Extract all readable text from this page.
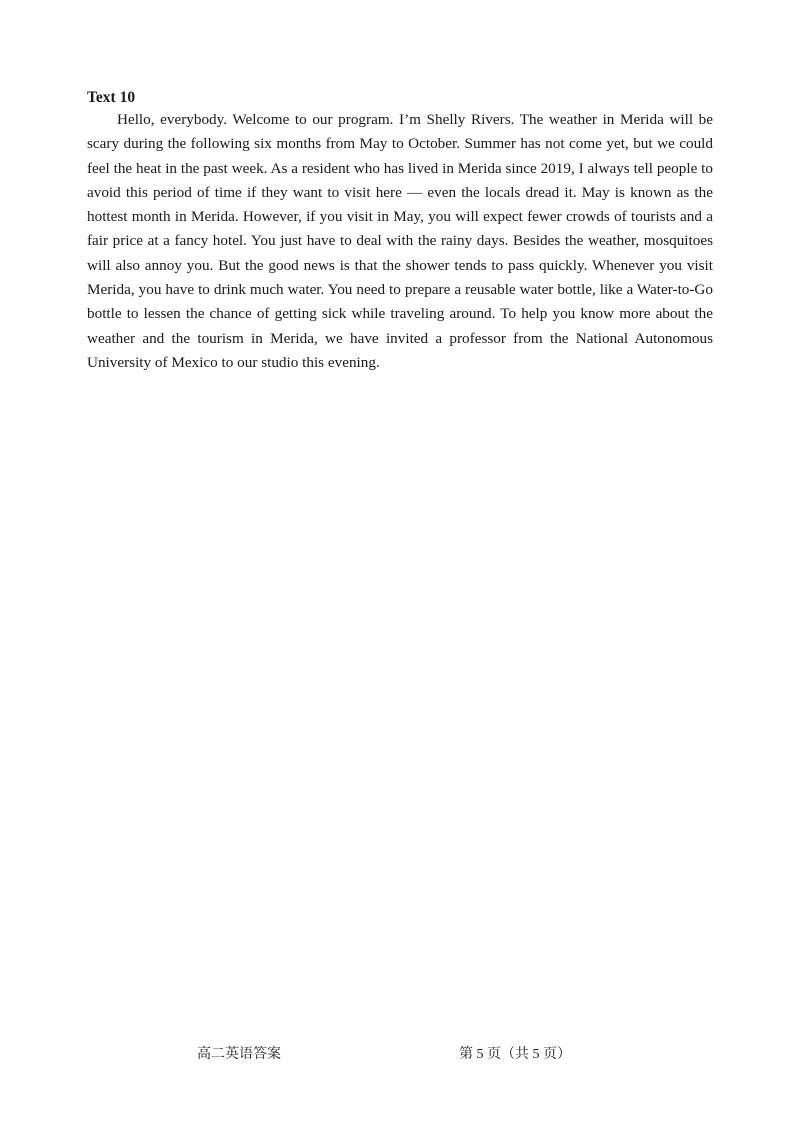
Text 10

Hello, everybody. Welcome to our program. I’m Shelly Rivers. The weather in Merida will be scary during the following six months from May to October. Summer has not come yet, but we could feel the heat in the past week. As a resident who has lived in Merida since 2019, I always tell people to avoid this period of time if they want to visit here — even the locals dread it. May is known as the hottest month in Merida. However, if you visit in May, you will expect fewer crowds of tourists and a fair price at a fancy hotel. You just have to deal with the rainy days. Besides the weather, mosquitoes will also annoy you. But the good news is that the shower tends to pass quickly. Whenever you visit Merida, you have to drink much water. You need to prepare a reusable water bottle, like a Water-to-Go bottle to lessen the chance of getting sick while traveling around. To help you know more about the weather and the tourism in Merida, we have invited a professor from the National Autonomous University of Mexico to our studio this evening.

高二英语答案	第 5 页（共 5 页）
